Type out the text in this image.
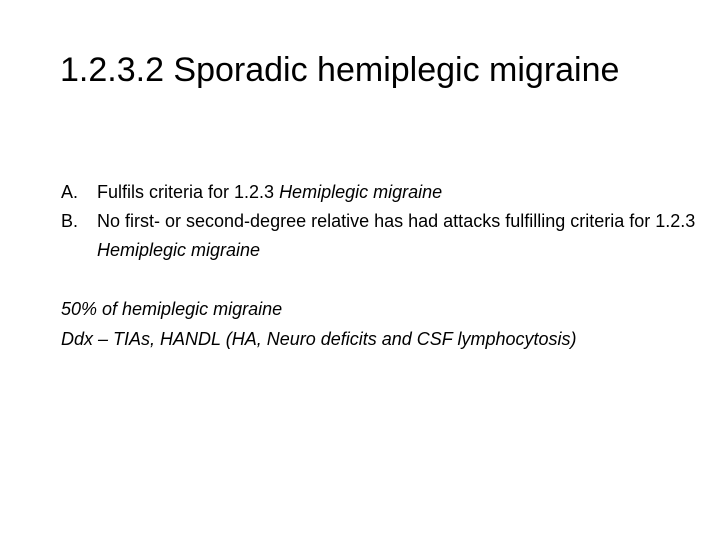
1.2.3.2 Sporadic hemiplegic migraine
A. Fulfils criteria for 1.2.3 Hemiplegic migraine
B. No first- or second-degree relative has had attacks fulfilling criteria for 1.2.3 Hemiplegic migraine
50% of hemiplegic migraine
Ddx – TIAs, HANDL (HA, Neuro deficits and CSF lymphocytosis)
